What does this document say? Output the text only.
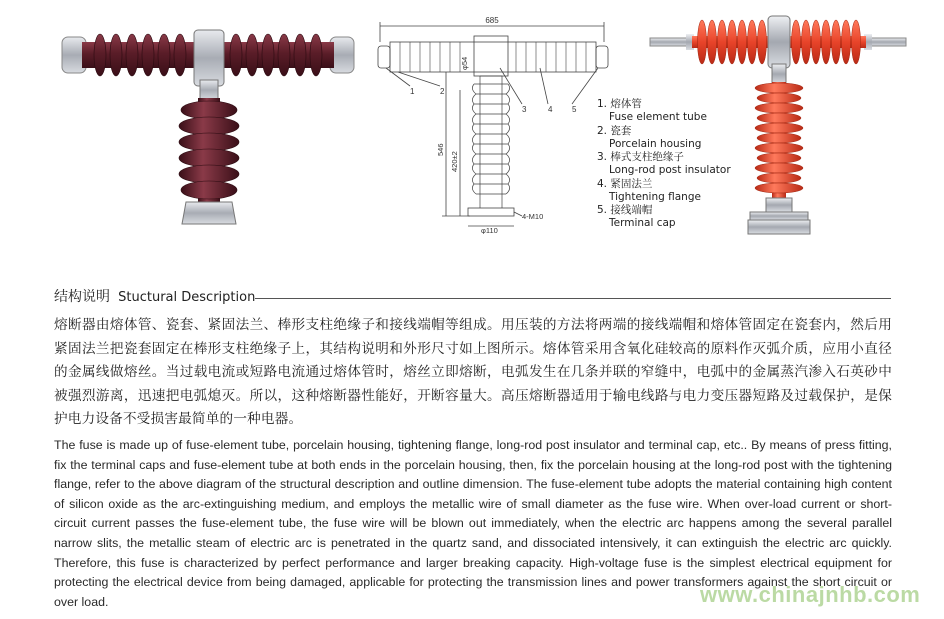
685
φ54
546
420±2
φ110
4-M10
1	2
3	4 5 1. 熔体管
Fuse element tube
2. 瓷套
Porcelain housing
3. 棒式支柱绝缘子
Long-rod post insulator
4. 紧固法兰
Tightening flange
5. 接线端帽
Terminal cap
结构说明 Stuctural Description
熔断器由熔体管、瓷套、紧固法兰、棒形支柱绝缘子和接线端帽等组成。用压装的方法将两端的接线端帽和熔体管固定在瓷套内，然后用紧固法兰把瓷套固定在棒形支柱绝缘子上，其结构说明和外形尺寸如上图所示。熔体管采用含氧化硅较高的原料作灭弧介质，应用小直径的金属线做熔丝。当过载电流或短路电流通过熔体管时，熔丝立即熔断，电弧发生在几条并联的窄缝中，电弧中的金属蒸汽渗入石英砂中被强烈游离，迅速把电弧熄灭。所以，这种熔断器性能好，开断容量大。高压熔断器适用于输电线路与电力变压器短路及过载保护，是保护电力设备不受损害最简单的一种电器。
The fuse is made up of fuse-element tube, porcelain housing, tightening flange, long-rod post insulator and terminal cap, etc.. By means of press fitting, fix the terminal caps and fuse-element tube at both ends in the porcelain housing, then, fix the porcelain housing at the long-rod post with the tightening flange, refer to the above diagram of the structural description and outline dimension. The fuse-element tube adopts the material containing high content of silicon oxide as the arc-extinguishing medium, and employs the metallic wire of small diameter as the fuse wire. When over-load current or short-circuit current passes the fuse-element tube, the fuse wire will be blown out immediately, when the electric arc happens among the several parallel narrow slits, the metallic steam of electric arc is penetrated in the quartz sand, and dissociated intensively, it can extinguish the electric arc quickly. Therefore, this fuse is characterized by perfect performance and larger breaking capacity. High-voltage fuse is the simplest electrical equipment for protecting the electrical device from being damaged, applicable for protecting the transmission lines and power transformers against the short circuit or over load.	www.chinajnhb.com
